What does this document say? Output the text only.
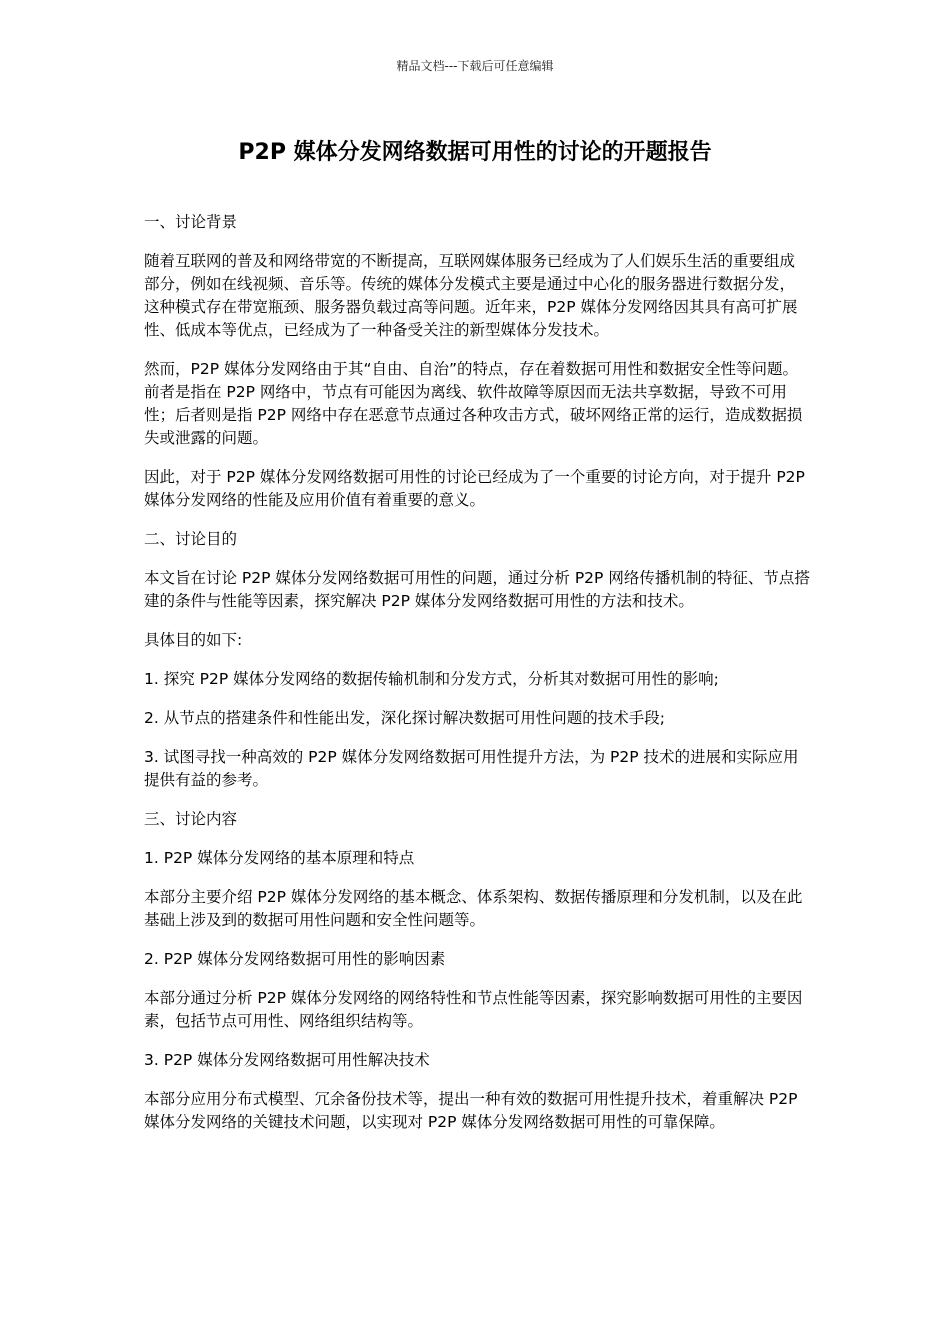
精品文档---下载后可任意编辑
P2P 媒体分发网络数据可用性的讨论的开题报告

一、讨论背景

随着互联网的普及和网络带宽的不断提高，互联网媒体服务已经成为了人们娱乐生活的重要组成部分，例如在线视频、音乐等。传统的媒体分发模式主要是通过中心化的服务器进行数据分发，这种模式存在带宽瓶颈、服务器负载过高等问题。近年来，P2P 媒体分发网络因其具有高可扩展性、低成本等优点，已经成为了一种备受关注的新型媒体分发技术。

然而，P2P 媒体分发网络由于其“自由、自治”的特点，存在着数据可用性和数据安全性等问题。前者是指在 P2P 网络中，节点有可能因为离线、软件故障等原因而无法共享数据，导致不可用性；后者则是指 P2P 网络中存在恶意节点通过各种攻击方式，破坏网络正常的运行，造成数据损失或泄露的问题。

因此，对于 P2P 媒体分发网络数据可用性的讨论已经成为了一个重要的讨论方向，对于提升 P2P 媒体分发网络的性能及应用价值有着重要的意义。

二、讨论目的

本文旨在讨论 P2P 媒体分发网络数据可用性的问题，通过分析 P2P 网络传播机制的特征、节点搭建的条件与性能等因素，探究解决 P2P 媒体分发网络数据可用性的方法和技术。

具体目的如下:

1. 探究 P2P 媒体分发网络的数据传输机制和分发方式，分析其对数据可用性的影响;

2. 从节点的搭建条件和性能出发，深化探讨解决数据可用性问题的技术手段;

3. 试图寻找一种高效的 P2P 媒体分发网络数据可用性提升方法，为 P2P 技术的进展和实际应用提供有益的参考。

三、讨论内容

1. P2P 媒体分发网络的基本原理和特点

本部分主要介绍 P2P 媒体分发网络的基本概念、体系架构、数据传播原理和分发机制，以及在此基础上涉及到的数据可用性问题和安全性问题等。

2. P2P 媒体分发网络数据可用性的影响因素

本部分通过分析 P2P 媒体分发网络的网络特性和节点性能等因素，探究影响数据可用性的主要因素，包括节点可用性、网络组织结构等。

3. P2P 媒体分发网络数据可用性解决技术

本部分应用分布式模型、冗余备份技术等，提出一种有效的数据可用性提升技术，着重解决 P2P 媒体分发网络的关键技术问题，以实现对 P2P 媒体分发网络数据可用性的可靠保障。
